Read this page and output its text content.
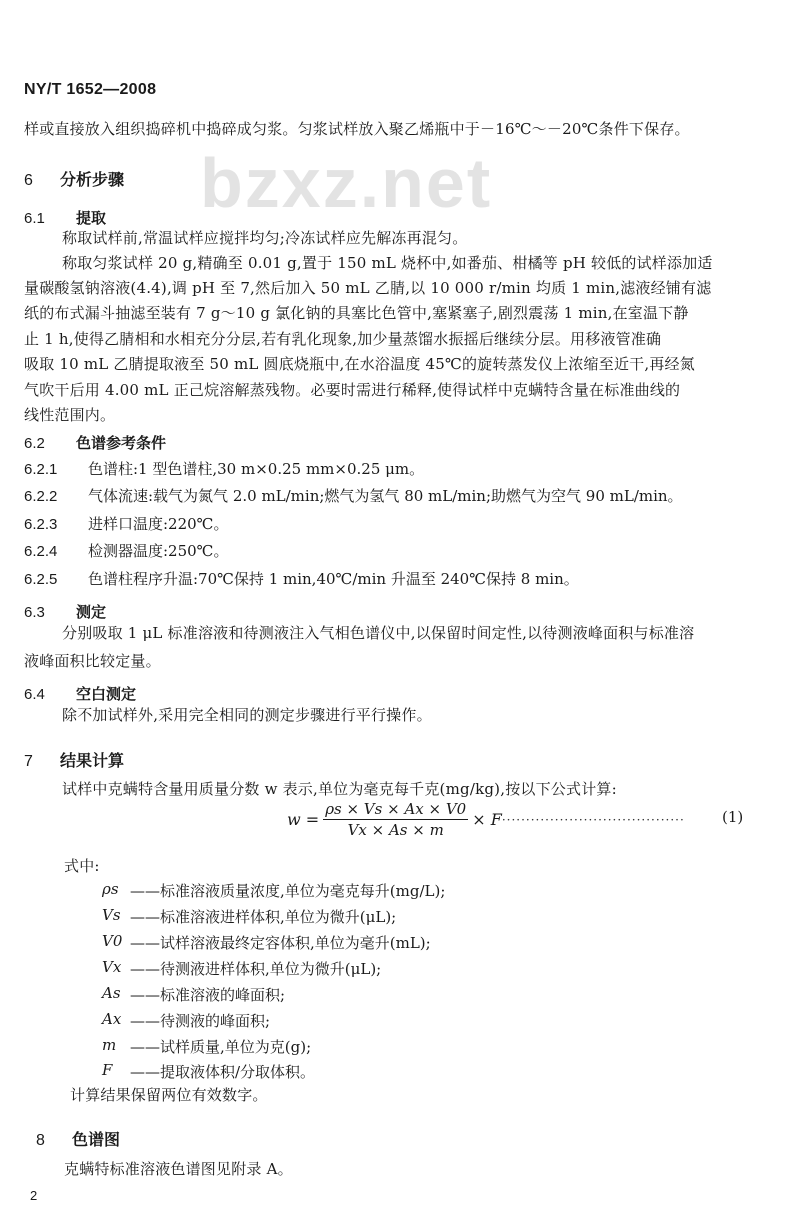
bzxz.net
NY/T 1652—2008
样或直接放入组织捣碎机中捣碎成匀浆。匀浆试样放入聚乙烯瓶中于－16℃～－20℃条件下保存。
6 分析步骤
6.1 提取
称取试样前,常温试样应搅拌均匀;冷冻试样应先解冻再混匀。
称取匀浆试样 20 g,精确至 0.01 g,置于 150 mL 烧杯中,如番茄、柑橘等 pH 较低的试样添加适
量碳酸氢钠溶液(4.4),调 pH 至 7,然后加入 50 mL 乙腈,以 10 000 r/min 均质 1 min,滤液经铺有滤
纸的布式漏斗抽滤至装有 7 g～10 g 氯化钠的具塞比色管中,塞紧塞子,剧烈震荡 1 min,在室温下静
止 1 h,使得乙腈相和水相充分分层,若有乳化现象,加少量蒸馏水振摇后继续分层。用移液管准确
吸取 10 mL 乙腈提取液至 50 mL 圆底烧瓶中,在水浴温度 45℃的旋转蒸发仪上浓缩至近干,再经氮
气吹干后用 4.00 mL 正己烷溶解蒸残物。必要时需进行稀释,使得试样中克螨特含量在标准曲线的
线性范围内。
6.2 色谱参考条件
6.2.1 色谱柱:1 型色谱柱,30 m×0.25 mm×0.25 μm。
6.2.2 气体流速:载气为氮气 2.0 mL/min;燃气为氢气 80 mL/min;助燃气为空气 90 mL/min。
6.2.3 进样口温度:220℃。
6.2.4 检测器温度:250℃。
6.2.5 色谱柱程序升温:70℃保持 1 min,40℃/min 升温至 240℃保持 8 min。
6.3 测定
分别吸取 1 μL 标准溶液和待测液注入气相色谱仪中,以保留时间定性,以待测液峰面积与标准溶
液峰面积比较定量。
6.4 空白测定
除不加试样外,采用完全相同的测定步骤进行平行操作。
7 结果计算
试样中克螨特含量用质量分数 w 表示,单位为毫克每千克(mg/kg),按以下公式计算:
$w = \frac{\rho s \times Vs \times Ax \times V0}{Vx \times As \times m} \times F$ ······································ (1)
式中:
ρs ——标准溶液质量浓度,单位为毫克每升(mg/L);
Vs ——标准溶液进样体积,单位为微升(μL);
V0 ——试样溶液最终定容体积,单位为毫升(mL);
Vx ——待测液进样体积,单位为微升(μL);
As ——标准溶液的峰面积;
Ax ——待测液的峰面积;
m ——试样质量,单位为克(g);
F	——提取液体积/分取体积。
计算结果保留两位有效数字。
8 色谱图
克螨特标准溶液色谱图见附录 A。
2
